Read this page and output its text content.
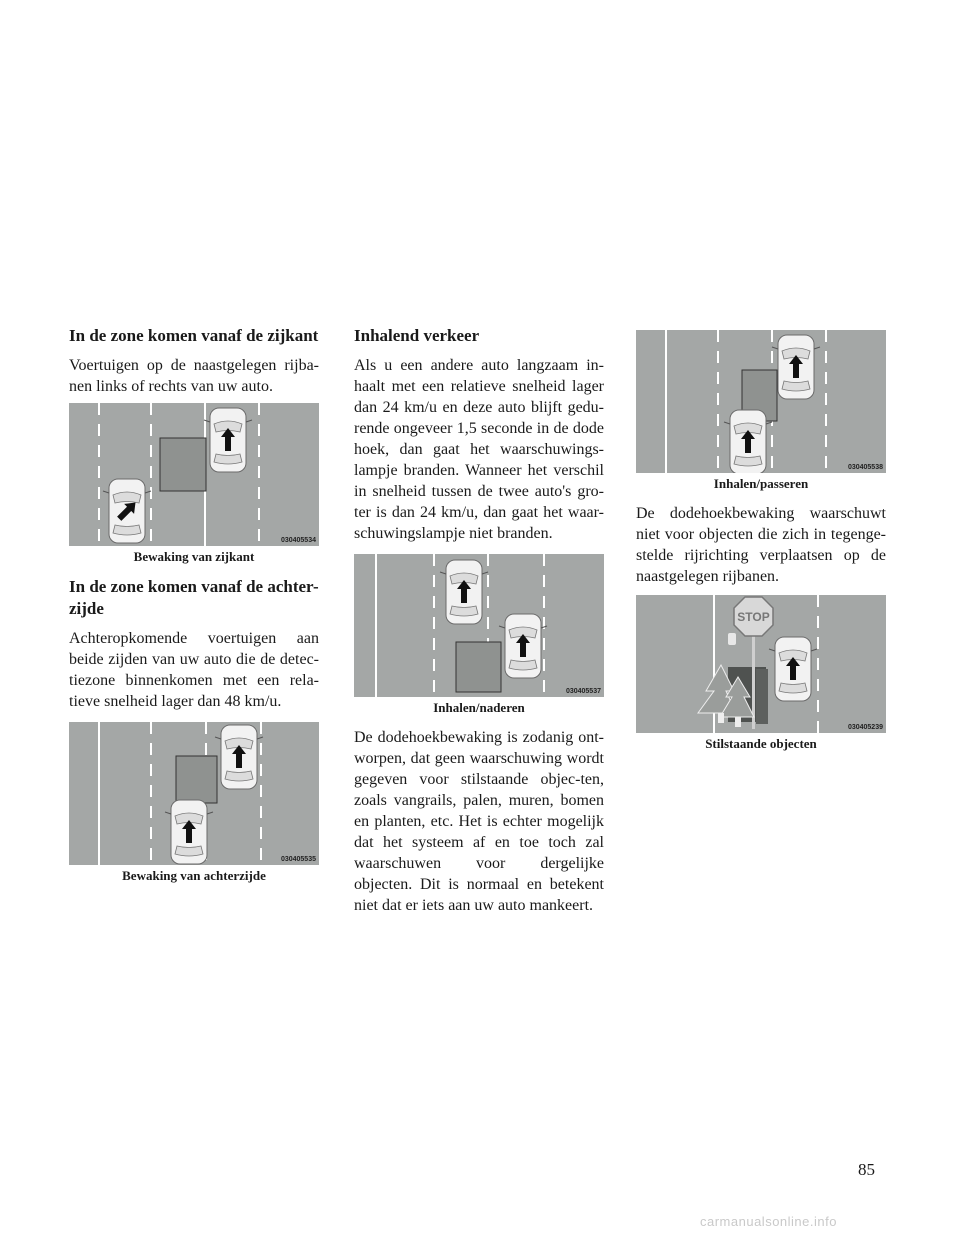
In de zone komen vanaf de zijkant

Voertuigen op de naastgelegen rijba-nen links of rechts van uw auto.

030405534

Bewaking van zijkant

In de zone komen vanaf de achter-zijde

Achteropkomende voertuigen aan beide zijden van uw auto die de detec-tiezone binnenkomen met een rela-tieve snelheid lager dan 48 km/u.

030405535

Bewaking van achterzijde

Inhalend verkeer

Als u een andere auto langzaam in-haalt met een relatieve snelheid lager dan 24 km/u en deze auto blijft gedu-rende ongeveer 1,5 seconde in de dode hoek, dan gaat het waarschuwings-lampje branden. Wanneer het verschil in snelheid tussen de twee auto's gro-ter is dan 24 km/u, dan gaat het waar-schuwingslampje niet branden.

030405537

Inhalen/naderen

De dodehoekbewaking is zodanig ont-worpen, dat geen waarschuwing wordt gegeven voor stilstaande objec-ten, zoals vangrails, palen, muren, bomen en planten, etc. Het is echter mogelijk dat het systeem af en toe toch zal waarschuwen voor dergelijke objecten. Dit is normaal en betekent niet dat er iets aan uw auto mankeert.

030405538

Inhalen/passeren

De dodehoekbewaking waarschuwt niet voor objecten die zich in tegenge-stelde rijrichting verplaatsen op de naastgelegen rijbanen.

STOP
030405239

Stilstaande objecten

85
carmanualsonline.info
